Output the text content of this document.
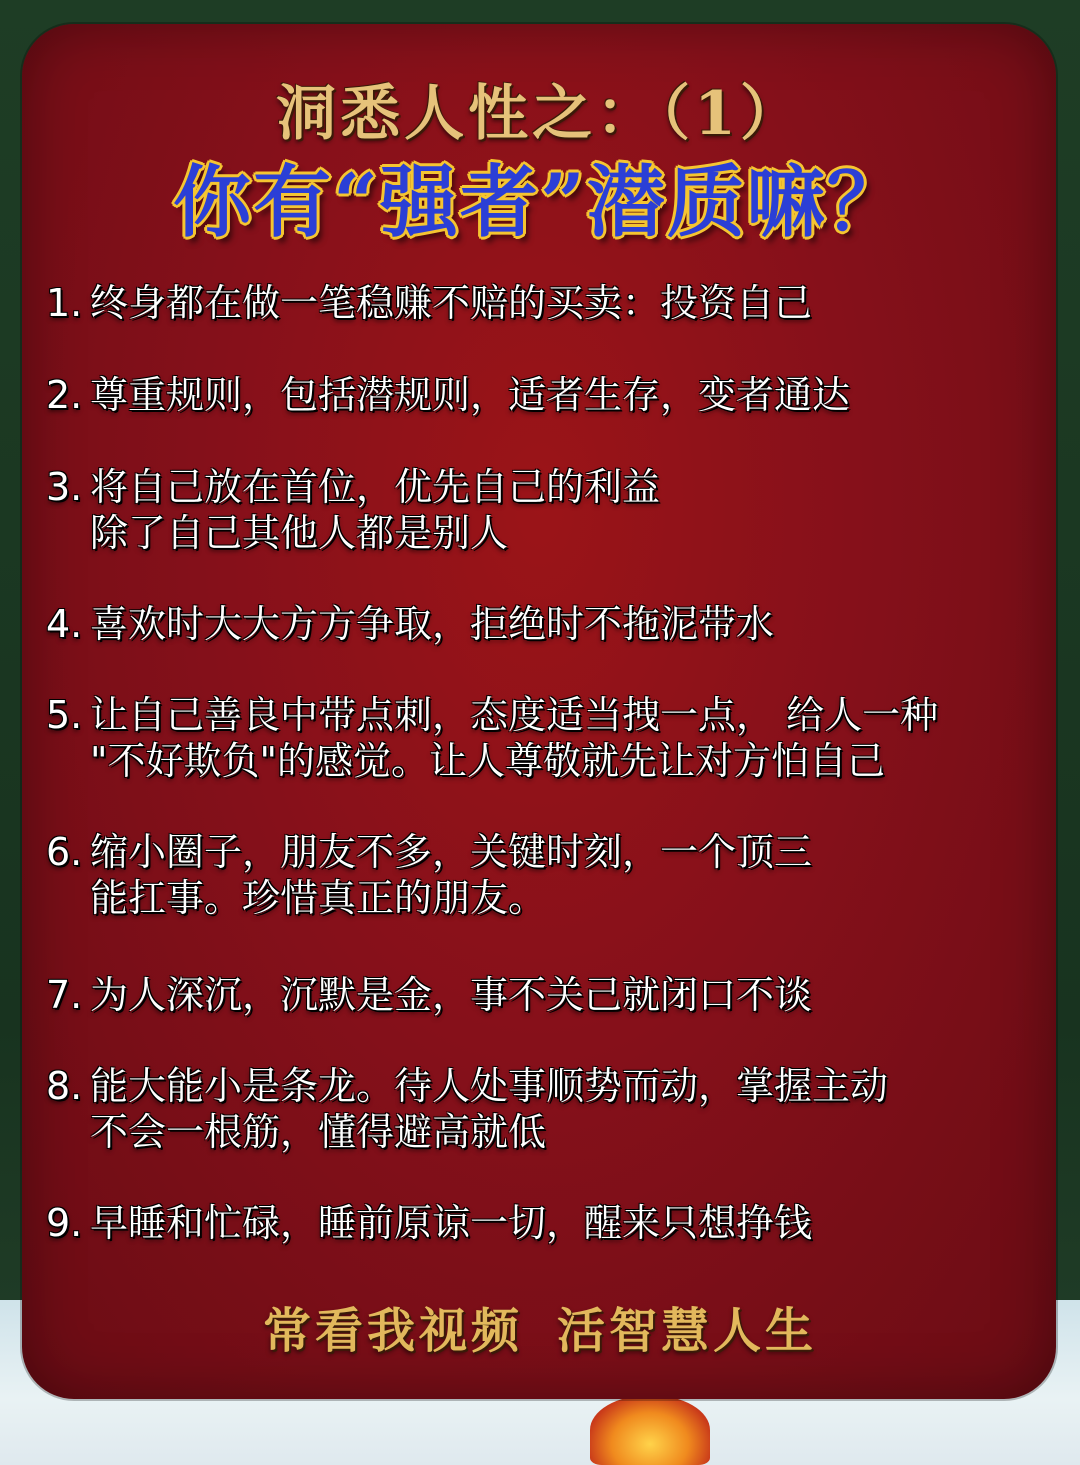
洞悉人性之：（1）
你有“强者”潜质嘛？
1. 终身都在做一笔稳赚不赔的买卖：投资自己
2. 尊重规则，包括潜规则，适者生存，变者通达
3. 将自己放在首位，优先自己的利益
除了自己其他人都是别人
4. 喜欢时大大方方争取，拒绝时不拖泥带水
5. 让自己善良中带点刺，态度适当拽一点， 给人一种
"不好欺负"的感觉。让人尊敬就先让对方怕自己
6. 缩小圈子，朋友不多，关键时刻，一个顶三
能扛事。珍惜真正的朋友。
7. 为人深沉，沉默是金，事不关己就闭口不谈
8. 能大能小是条龙。待人处事顺势而动，掌握主动
不会一根筋，懂得避高就低
9. 早睡和忙碌，睡前原谅一切，醒来只想挣钱
常看我视频 活智慧人生
